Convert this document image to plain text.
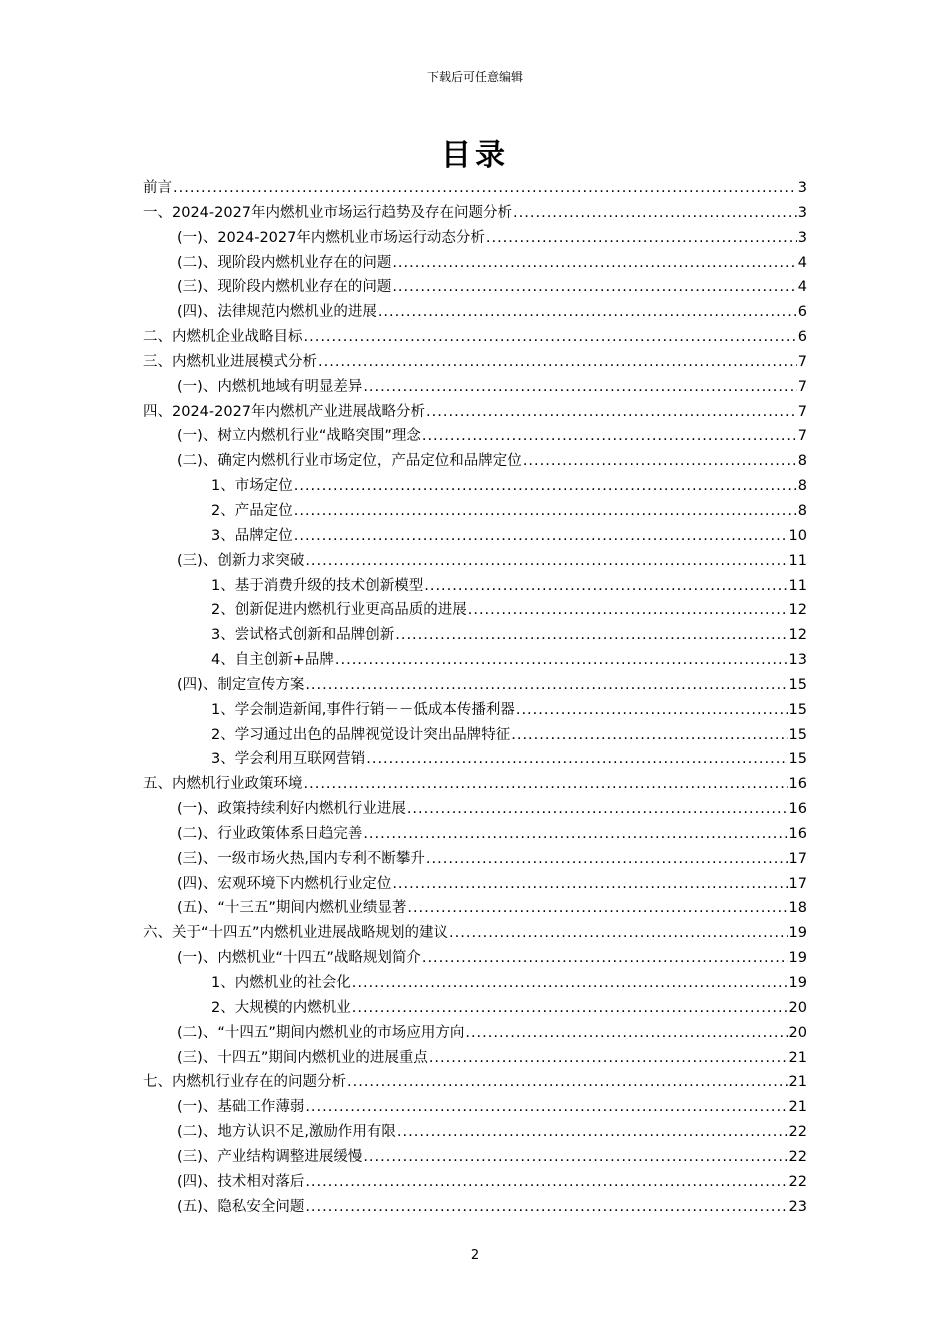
下载后可任意编辑
目录
前言 .....	3
一、2024-2027年内燃机业市场运行趋势及存在问题分析 .....	3
(一)、2024-2027年内燃机业市场运行动态分析 .....	3
(二)、现阶段内燃机业存在的问题 .....	4
(三)、现阶段内燃机业存在的问题 .....	4
(四)、法律规范内燃机业的进展 .....	6
二、内燃机企业战略目标 .....	6
三、内燃机业进展模式分析 .....	7
(一)、内燃机地域有明显差异 .....	7
四、2024-2027年内燃机产业进展战略分析 .....	7
(一)、树立内燃机行业“战略突围”理念 .....	7
(二)、确定内燃机行业市场定位，产品定位和品牌定位 .....	8
1、市场定位 .....	8
2、产品定位 .....	8
3、品牌定位 .....	10
(三)、创新力求突破 .....	11
1、基于消费升级的技术创新模型 .....	11
2、创新促进内燃机行业更高品质的进展 .....	12
3、尝试格式创新和品牌创新 .....	12
4、自主创新+品牌 .....	13
(四)、制定宣传方案 .....	15
1、学会制造新闻,事件行销－－低成本传播利器 .....	15
2、学习通过出色的品牌视觉设计突出品牌特征 .....	15
3、学会利用互联网营销 .....	15
五、内燃机行业政策环境 .....	16
(一)、政策持续利好内燃机行业进展 .....	16
(二)、行业政策体系日趋完善 .....	16
(三)、一级市场火热,国内专利不断攀升 .....	17
(四)、宏观环境下内燃机行业定位 .....	17
(五)、“十三五”期间内燃机业绩显著 .....	18
六、关于“十四五”内燃机业进展战略规划的建议 .....	19
(一)、内燃机业“十四五”战略规划简介 .....	19
1、内燃机业的社会化 .....	19
2、大规模的内燃机业 .....	20
(二)、“十四五”期间内燃机业的市场应用方向 .....	20
(三)、十四五”期间内燃机业的进展重点 .....	21
七、内燃机行业存在的问题分析 .....	21
(一)、基础工作薄弱 .....	21
(二)、地方认识不足,激励作用有限 .....	22
(三)、产业结构调整进展缓慢 .....	22
(四)、技术相对落后 .....	22
(五)、隐私安全问题 .....	23
2
